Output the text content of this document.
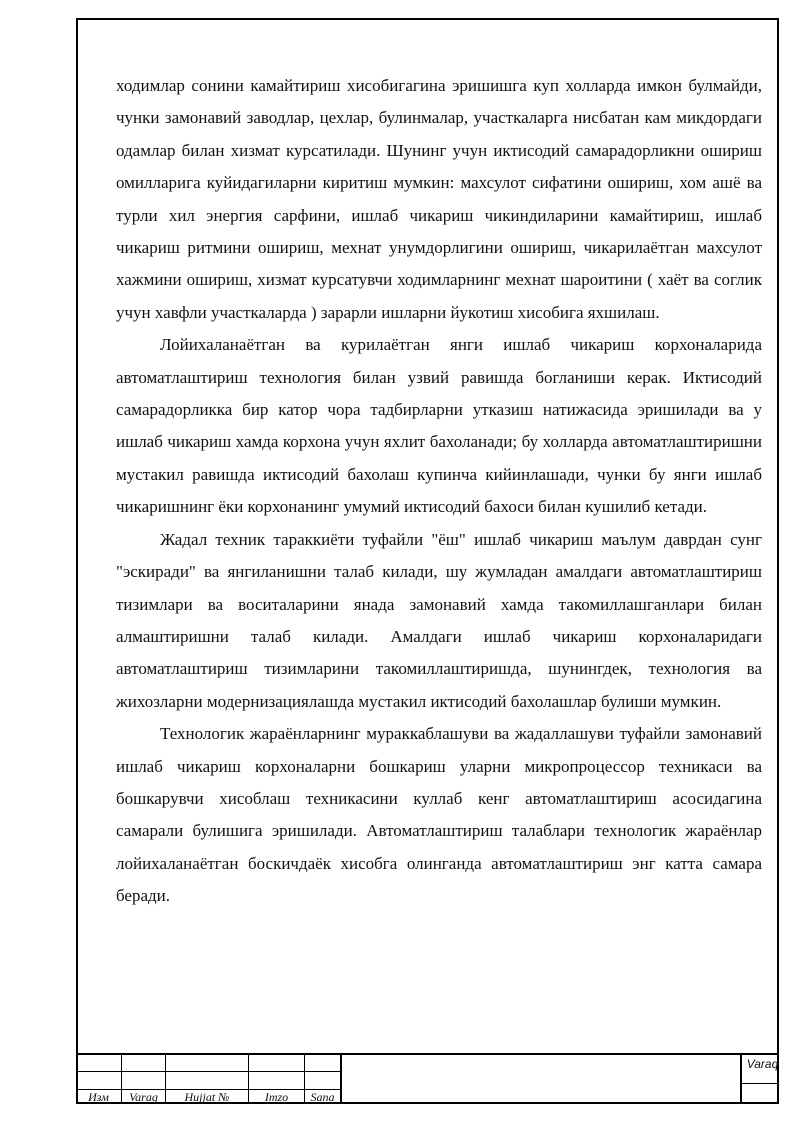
ходимлар сонини камайтириш хисобигагина эришишга куп холларда имкон булмайди, чунки замонавий заводлар, цехлар, булинмалар, участкаларга нисбатан кам микдордаги одамлар билан хизмат курсатилади. Шунинг учун иктисодий самарадорликни ошириш омилларига куйидагиларни киритиш мумкин: махсулот сифатини ошириш, хом ашё ва турли хил энергия сарфини, ишлаб чикариш чикиндиларини камайтириш, ишлаб чикариш ритмини ошириш, мехнат унумдорлигини ошириш, чикарилаётган махсулот хажмини ошириш, хизмат курсатувчи ходимларнинг мехнат шароитини ( хаёт ва соглик учун хавфли участкаларда ) зарарли ишларни йукотиш хисобига яхшилаш.

Лойихаланаётган ва курилаётган янги ишлаб чикариш корхоналарида автоматлаштириш технология билан узвий равишда богланиши керак. Иктисодий самарадорликка бир катор чора тадбирларни утказиш натижасида эришилади ва у ишлаб чикариш хамда корхона учун яхлит бахоланади; бу холларда автоматлаштиришни мустакил равишда иктисодий бахолаш купинча кийинлашади, чунки бу янги ишлаб чикаришнинг ёки корхонанинг умумий иктисодий бахоси билан кушилиб кетади.

Жадал техник тараккиёти туфайли "ёш" ишлаб чикариш маълум даврдан сунг "эскиради" ва янгиланишни талаб килади, шу жумладан амалдаги автоматлаштириш тизимлари ва воситаларини янада замонавий хамда такомиллашганлари билан алмаштиришни талаб килади. Амалдаги ишлаб чикариш корхоналаридаги автоматлаштириш тизимларини такомиллаштиришда, шунингдек, технология ва жихозларни модернизациялашда мустакил иктисодий бахолашлар булиши мумкин.

Технологик жараёнларнинг мураккаблашуви ва жадаллашуви туфайли замонавий ишлаб чикариш корхоналарни бошкариш уларни микропроцессор техникаси ва бошкарувчи хисоблаш техникасини куллаб кенг автоматлаштириш асосидагина самарали булишига эришилади. Автоматлаштириш талаблари технологик жараёнлар лойихаланаётган боскичдаёк хисобга олинганда автоматлаштириш энг катта самара беради.

Изм	Varaq	Hujjat №	Imzo	Sana
Varaq
